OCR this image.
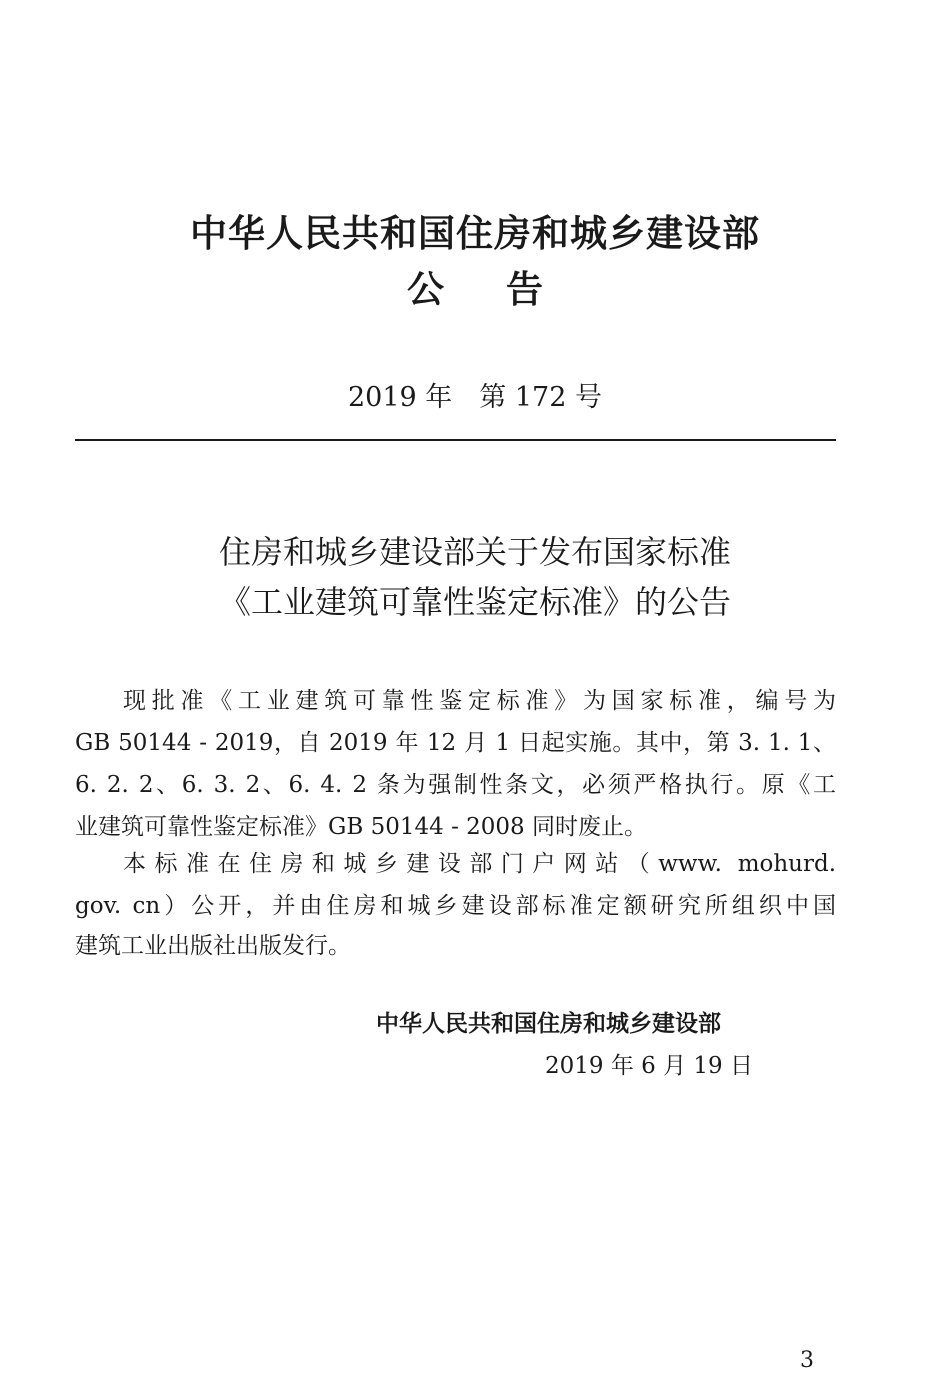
中华人民共和国住房和城乡建设部
公告
2019 年　第 172 号
住房和城乡建设部关于发布国家标准
《工业建筑可靠性鉴定标准》的公告
现批准《工业建筑可靠性鉴定标准》为国家标准，编号为
GB 50144 - 2019，自 2019 年 12 月 1 日起实施。其中，第 3. 1. 1、
6. 2. 2、6. 3. 2、6. 4. 2 条为强制性条文，必须严格执行。原《工
业建筑可靠性鉴定标准》GB 50144 - 2008 同时废止。
本标准在住房和城乡建设部门户网站（www. mohurd.
gov. cn）公开，并由住房和城乡建设部标准定额研究所组织中国
建筑工业出版社出版发行。
中华人民共和国住房和城乡建设部
2019 年 6 月 19 日
3
